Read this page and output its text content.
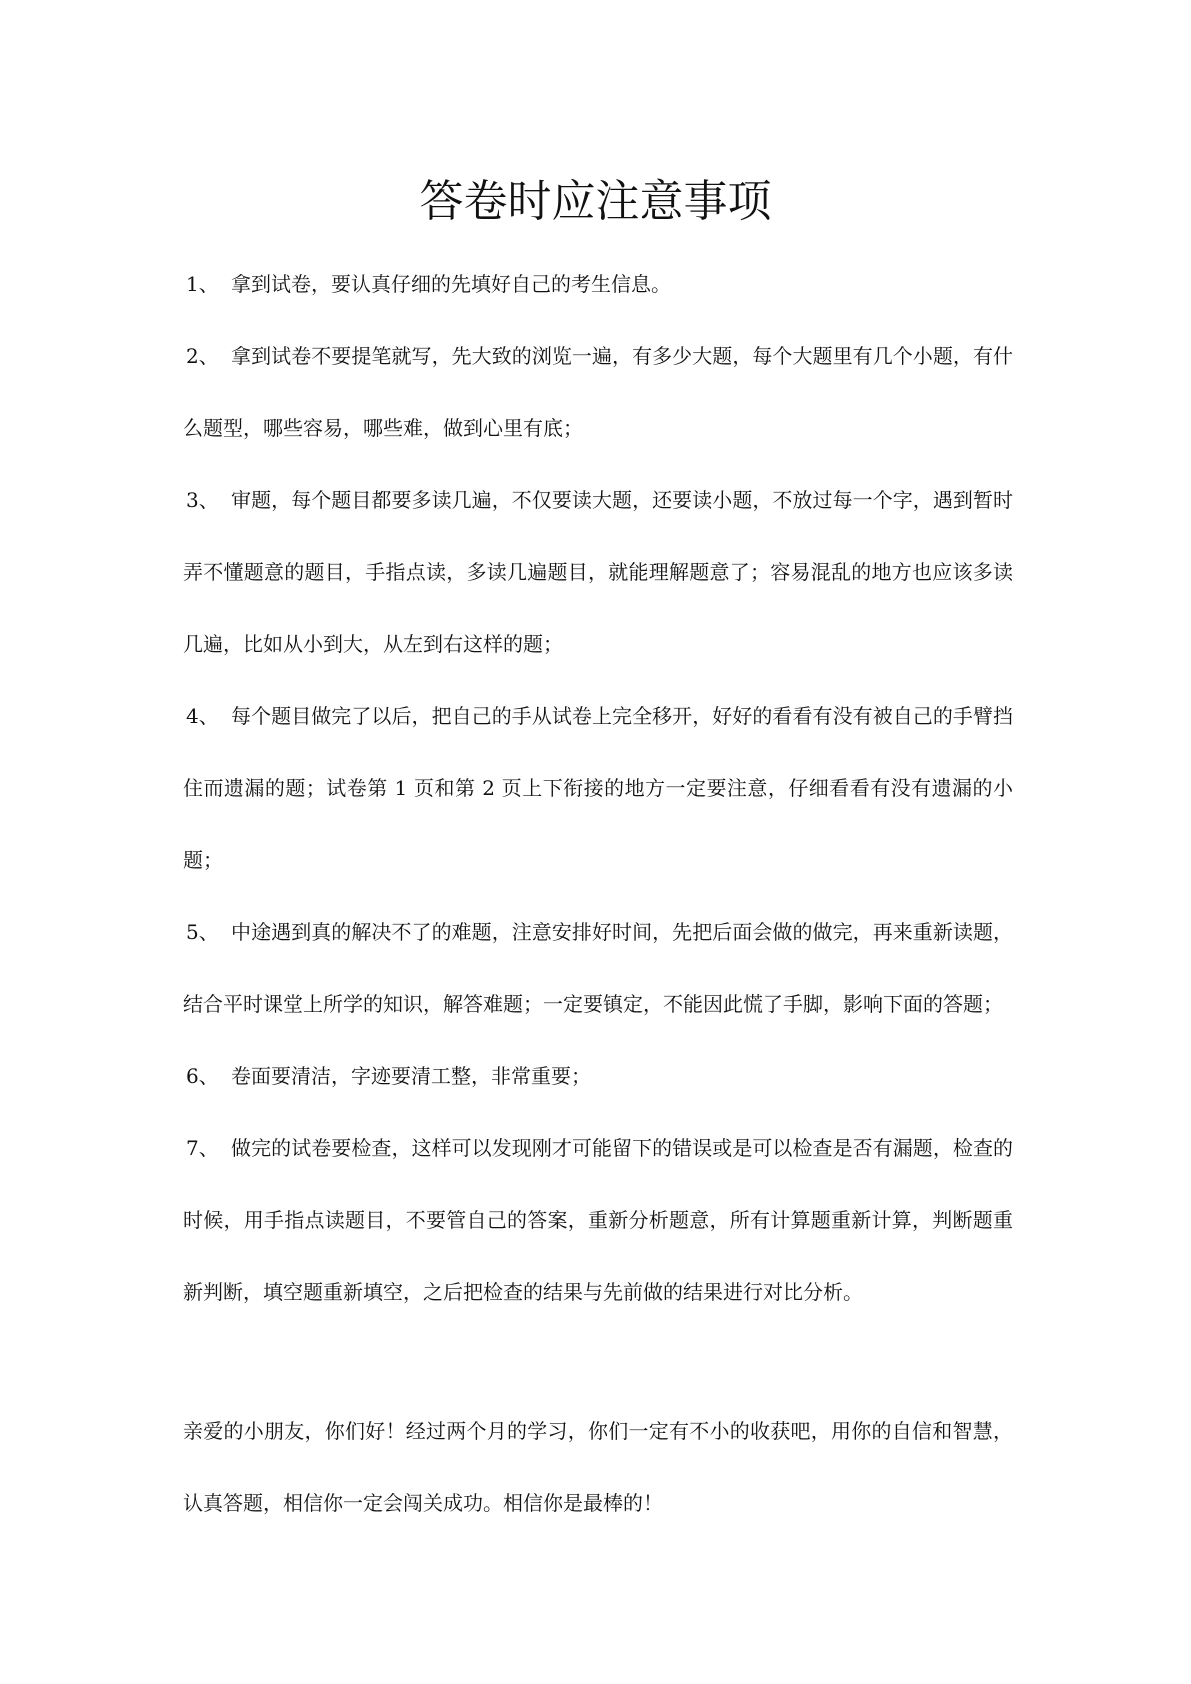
答卷时应注意事项

1、 拿到试卷，要认真仔细的先填好自己的考生信息。

2、 拿到试卷不要提笔就写，先大致的浏览一遍，有多少大题，每个大题里有几个小题，有什么题型，哪些容易，哪些难，做到心里有底；

3、 审题，每个题目都要多读几遍，不仅要读大题，还要读小题，不放过每一个字，遇到暂时弄不懂题意的题目，手指点读，多读几遍题目，就能理解题意了；容易混乱的地方也应该多读几遍，比如从小到大，从左到右这样的题；

4、 每个题目做完了以后，把自己的手从试卷上完全移开，好好的看看有没有被自己的手臂挡住而遗漏的题；试卷第 1 页和第 2 页上下衔接的地方一定要注意，仔细看看有没有遗漏的小题；

5、 中途遇到真的解决不了的难题，注意安排好时间，先把后面会做的做完，再来重新读题，结合平时课堂上所学的知识，解答难题；一定要镇定，不能因此慌了手脚，影响下面的答题；

6、 卷面要清洁，字迹要清工整，非常重要；

7、 做完的试卷要检查，这样可以发现刚才可能留下的错误或是可以检查是否有漏题，检查的时候，用手指点读题目，不要管自己的答案，重新分析题意，所有计算题重新计算，判断题重新判断，填空题重新填空，之后把检查的结果与先前做的结果进行对比分析。

亲爱的小朋友，你们好！经过两个月的学习，你们一定有不小的收获吧，用你的自信和智慧，认真答题，相信你一定会闯关成功。相信你是最棒的！
